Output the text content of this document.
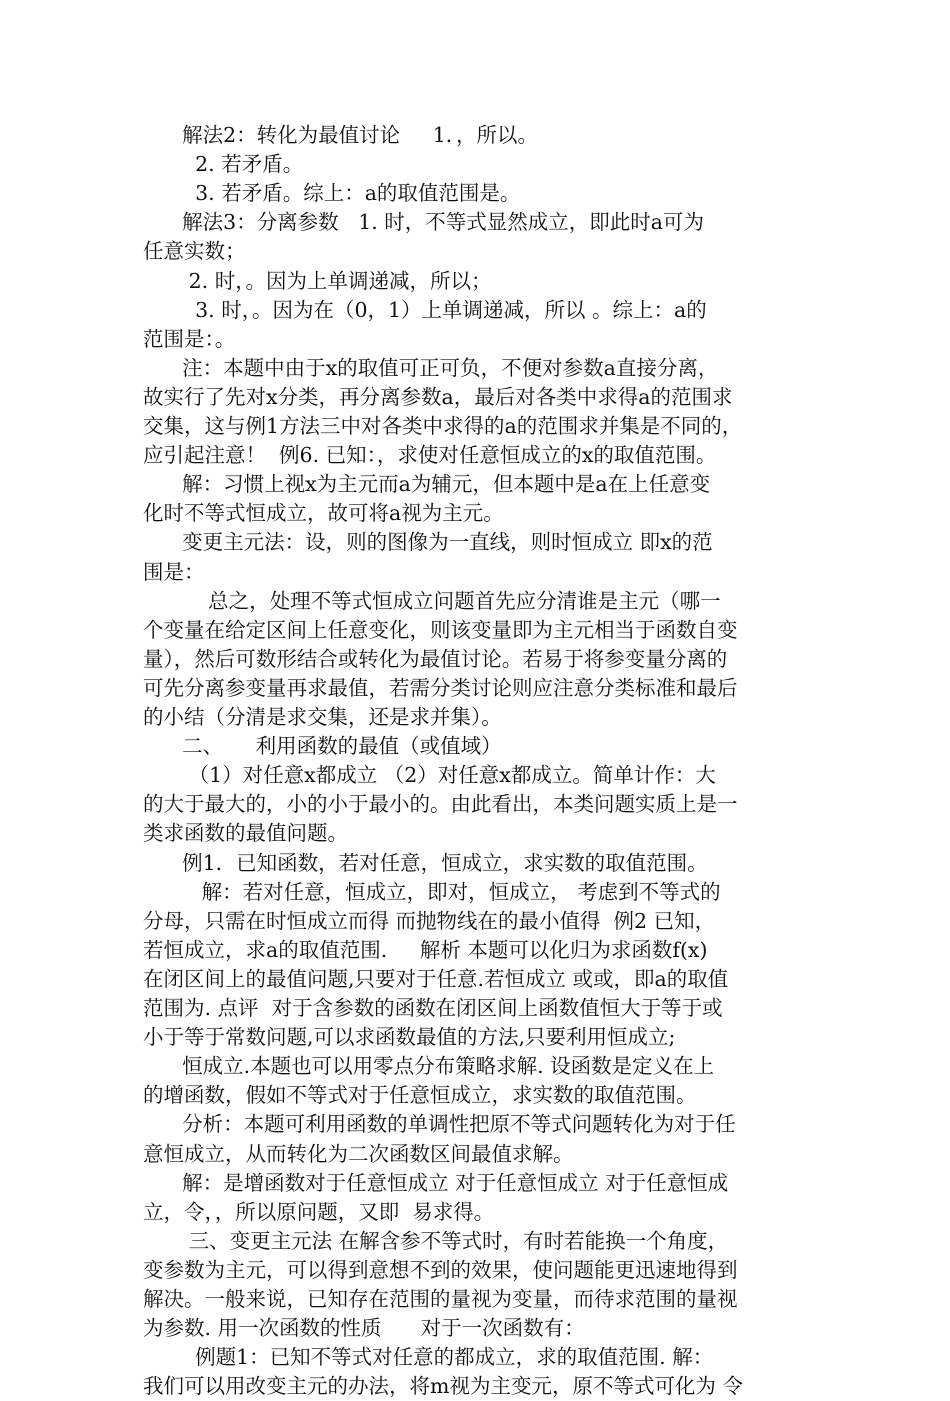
解法2：转化为最值讨论     1．，所以。
2. 若矛盾。
3. 若矛盾。综上：a的取值范围是。
解法3：分离参数   1. 时，不等式显然成立，即此时a可为
任意实数；
2. 时，。因为上单调递减，所以；
3. 时，。因为在（0，1）上单调递减，所以 。综上：a的
范围是：。
注：本题中由于x的取值可正可负，不便对参数a直接分离，
故实行了先对x分类，再分离参数a，最后对各类中求得a的范围求
交集，这与例1方法三中对各类中求得的a的范围求并集是不同的，
应引起注意！  例6. 已知：，求使对任意恒成立的x的取值范围。
解：习惯上视x为主元而a为辅元，但本题中是a在上任意变
化时不等式恒成立，故可将a视为主元。
变更主元法：设，则的图像为一直线，则时恒成立 即x的范
围是：
总之，处理不等式恒成立问题首先应分清谁是主元（哪一
个变量在给定区间上任意变化，则该变量即为主元相当于函数自变
量），然后可数形结合或转化为最值讨论。若易于将参变量分离的
可先分离参变量再求最值，若需分类讨论则应注意分类标准和最后
的小结（分清是求交集，还是求并集）。
二、     利用函数的最值（或值域）
（1）对任意x都成立 （2）对任意x都成立。简单计作：大
的大于最大的，小的小于最小的。由此看出，本类问题实质上是一
类求函数的最值问题。
例1．已知函数，若对任意，恒成立，求实数的取值范围。
解：若对任意，恒成立，即对，恒成立， 考虑到不等式的
分母，只需在时恒成立而得 而抛物线在的最小值得  例2 已知，
若恒成立，求a的取值范围.     解析 本题可以化归为求函数f(x)
在闭区间上的最值问题,只要对于任意.若恒成立 或或，即a的取值
范围为. 点评  对于含参数的函数在闭区间上函数值恒大于等于或
小于等于常数问题,可以求函数最值的方法,只要利用恒成立;
恒成立.本题也可以用零点分布策略求解. 设函数是定义在上
的增函数，假如不等式对于任意恒成立，求实数的取值范围。
分析：本题可利用函数的单调性把原不等式问题转化为对于任
意恒成立，从而转化为二次函数区间最值求解。
解：是增函数对于任意恒成立 对于任意恒成立 对于任意恒成
立，令，，所以原问题，又即  易求得。
三、变更主元法 在解含参不等式时，有时若能换一个角度，
变参数为主元，可以得到意想不到的效果，使问题能更迅速地得到
解决。一般来说，已知存在范围的量视为变量，而待求范围的量视
为参数. 用一次函数的性质      对于一次函数有：
例题1：已知不等式对任意的都成立，求的取值范围. 解：
我们可以用改变主元的办法，将m视为主变元，原不等式可化为 令
